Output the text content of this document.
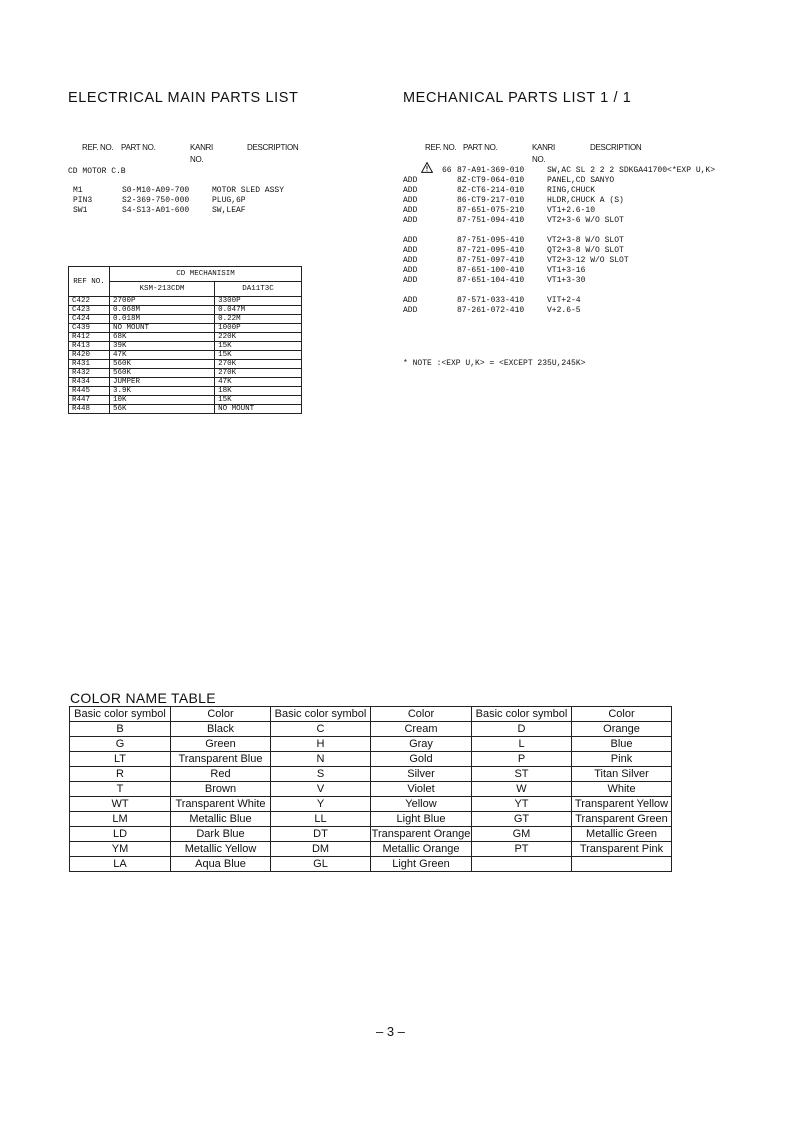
ELECTRICAL MAIN PARTS LIST
REF. NO. PART NO.	KANRI
NO.
DESCRIPTION
CD MOTOR C.B
M1	S0-M10-A09-700	MOTOR SLED ASSY
PIN3	S2-369-750-000	PLUG,6P
SW1	S4-S13-A01-600	SW,LEAF
REF NO.	CD MECHANISIM	
	KSM-213CDM	DA11T3C
C422	2700P	3300P
C423	0.068M	0.047M
C424	0.018M	0.22M
C439	NO MOUNT	1000P
R412	68K	220K
R413	39K	15K
R420	47K	15K
R431	560K	270K
R432	560K	270K
R434	JUMPER	47K
R445	3.9K	18K
R447	10K	15K
R448	56K	NO MOUNT
MECHANICAL PARTS LIST 1 / 1
REF. NO. PART NO.	KANRI
NO.
DESCRIPTION
66 87-A91-369-010	SW,AC SL 2 2 2 SDKGA41700<*EXP U,K>
ADD	8Z-CT9-064-010	PANEL,CD SANYO
ADD	8Z-CT6-214-010	RING,CHUCK
ADD	86-CT9-217-010	HLDR,CHUCK A (S)
ADD	87-651-075-210	VT1+2.6-10
ADD	87-751-094-410	VT2+3-6 W/O SLOT
ADD	87-751-095-410	VT2+3-8 W/O SLOT
ADD	87-721-095-410	QT2+3-8 W/O SLOT
ADD	87-751-097-410	VT2+3-12 W/O SLOT
ADD	87-651-100-410	VT1+3-16
ADD	87-651-104-410	VT1+3-30
ADD	87-571-033-410	VIT+2-4
ADD	87-261-072-410	V+2.6-5
* NOTE :<EXP U,K> = <EXCEPT 235U,245K>
COLOR NAME TABLE
Basic color symbol	Color	Basic color symbol	Color	Basic color symbol	Color
B	Black	C	Cream	D	Orange
G	Green	H	Gray	L	Blue
LT	Transparent Blue	N	Gold	P	Pink
R	Red	S	Silver	ST	Titan Silver
T	Brown	V	Violet	W	White
WT	Transparent White	Y	Yellow	YT	Transparent Yellow
LM	Metallic Blue	LL	Light Blue	GT	Transparent Green
LD	Dark Blue	DT	Transparent Orange	GM	Metallic Green
YM	Metallic Yellow	DM	Metallic Orange	PT	Transparent Pink
LA	Aqua Blue	GL	Light Green		
– 3 –
